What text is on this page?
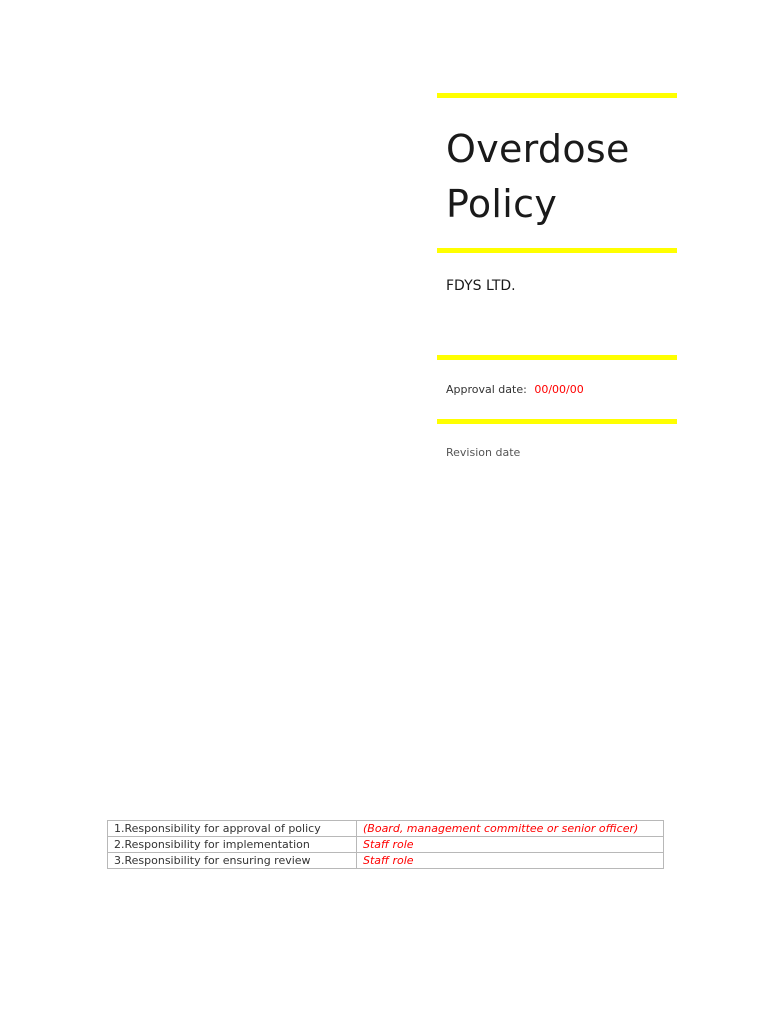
Overdose
Policy
FDYS LTD.
Approval date: 00/00/00
Revision date
1.Responsibility for approval of policy	(Board, management committee or senior officer)
2.Responsibility for implementation	Staff role
3.Responsibility for ensuring review	Staff role
